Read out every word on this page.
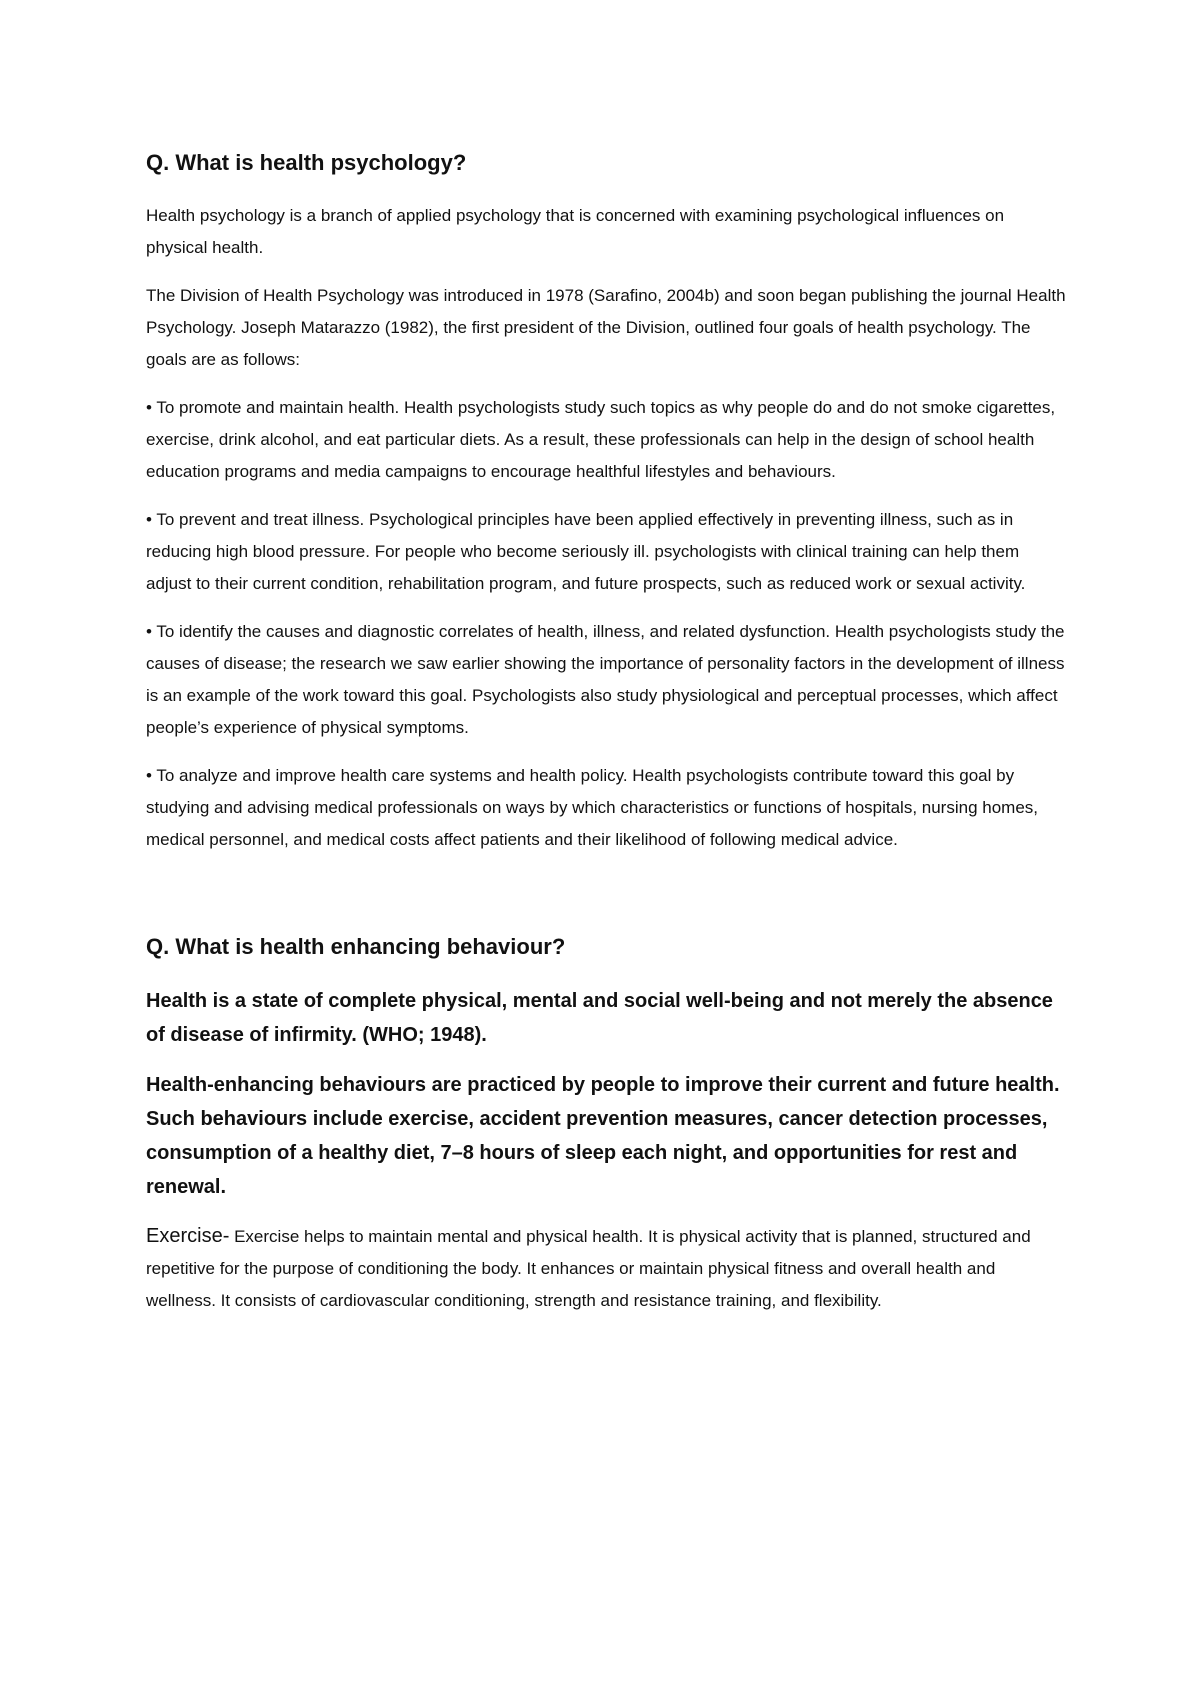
Q. What is health psychology?

Health psychology is a branch of applied psychology that is concerned with examining psychological influences on physical health.

The Division of Health Psychology was introduced in 1978 (Sarafino, 2004b) and soon began publishing the journal Health Psychology. Joseph Matarazzo (1982), the first president of the Division, outlined four goals of health psychology. The goals are as follows:

• To promote and maintain health. Health psychologists study such topics as why people do and do not smoke cigarettes, exercise, drink alcohol, and eat particular diets. As a result, these professionals can help in the design of school health education programs and media campaigns to encourage healthful lifestyles and behaviours.

• To prevent and treat illness. Psychological principles have been applied effectively in preventing illness, such as in reducing high blood pressure. For people who become seriously ill. psychologists with clinical training can help them adjust to their current condition, rehabilitation program, and future prospects, such as reduced work or sexual activity.

• To identify the causes and diagnostic correlates of health, illness, and related dysfunction. Health psychologists study the causes of disease; the research we saw earlier showing the importance of personality factors in the development of illness is an example of the work toward this goal. Psychologists also study physiological and perceptual processes, which affect people’s experience of physical symptoms.

• To analyze and improve health care systems and health policy. Health psychologists contribute toward this goal by studying and advising medical professionals on ways by which characteristics or functions of hospitals, nursing homes, medical personnel, and medical costs affect patients and their likelihood of following medical advice.

Q. What is health enhancing behaviour?

Health is a state of complete physical, mental and social well-being and not merely the absence of disease of infirmity. (WHO; 1948).

Health-enhancing behaviours are practiced by people to improve their current and future health. Such behaviours include exercise, accident prevention measures, cancer detection processes, consumption of a healthy diet, 7–8 hours of sleep each night, and opportunities for rest and renewal.

Exercise- Exercise helps to maintain mental and physical health. It is physical activity that is planned, structured and repetitive for the purpose of conditioning the body. It enhances or maintain physical fitness and overall health and wellness. It consists of cardiovascular conditioning, strength and resistance training, and flexibility.
